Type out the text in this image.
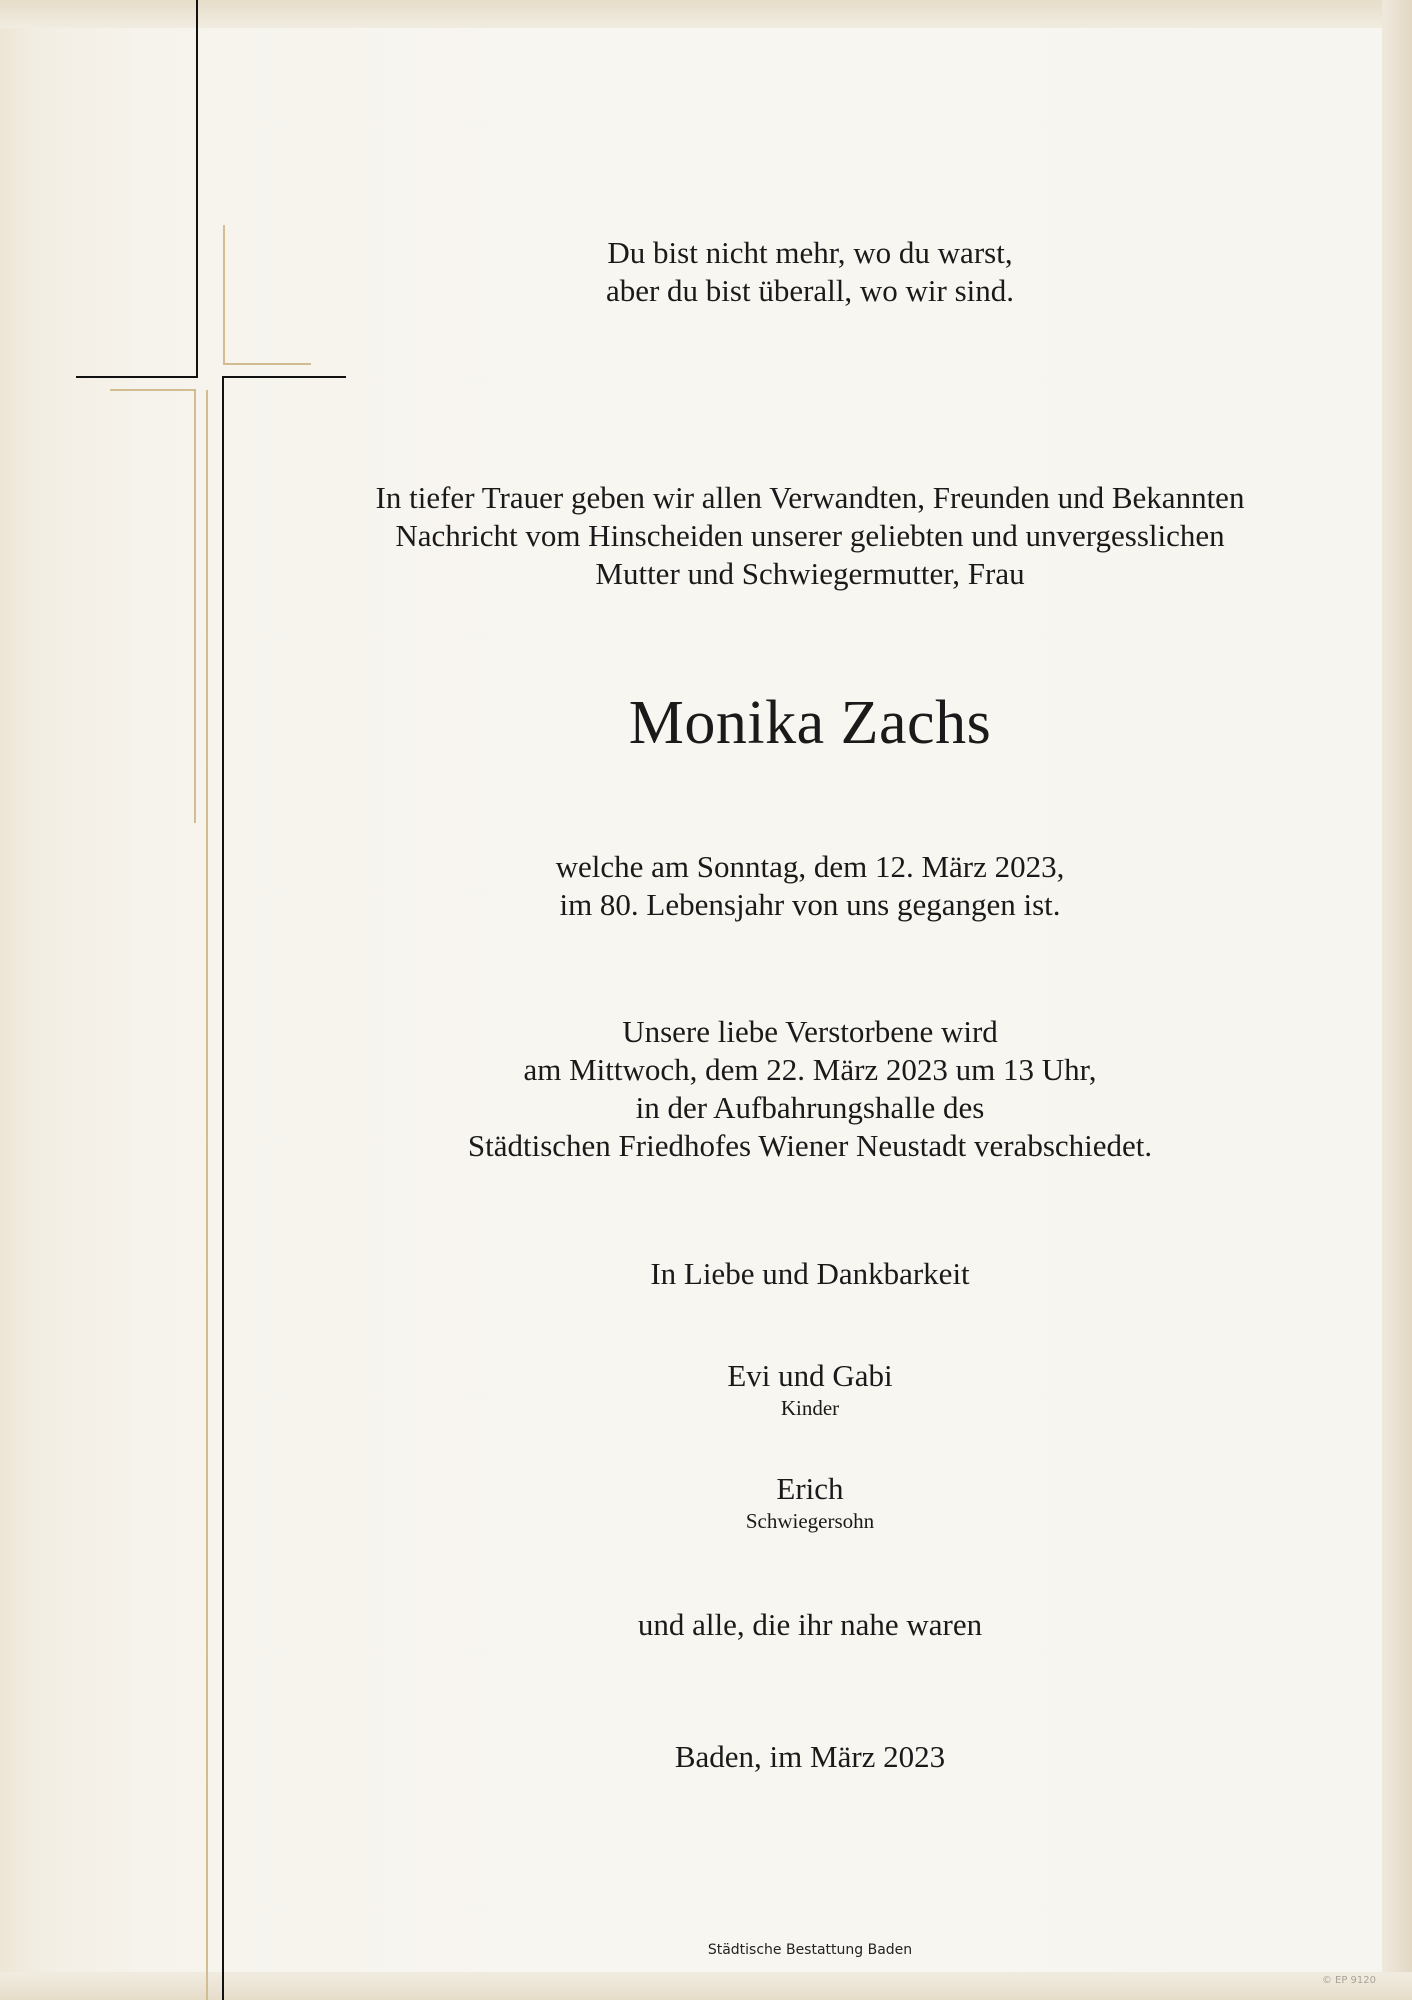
Du bist nicht mehr, wo du warst,

aber du bist überall, wo wir sind.

In tiefer Trauer geben wir allen Verwandten, Freunden und Bekannten

Nachricht vom Hinscheiden unserer geliebten und unvergesslichen

Mutter und Schwiegermutter, Frau

Monika Zachs

welche am Sonntag, dem 12. März 2023,

im 80. Lebensjahr von uns gegangen ist.

Unsere liebe Verstorbene wird

am Mittwoch, dem 22. März 2023 um 13 Uhr,

in der Aufbahrungshalle des

Städtischen Friedhofes Wiener Neustadt verabschiedet.

In Liebe und Dankbarkeit

Evi und Gabi

Kinder

Erich

Schwiegersohn

und alle, die ihr nahe waren

Baden, im März 2023

Städtische Bestattung Baden

© EP 9120
